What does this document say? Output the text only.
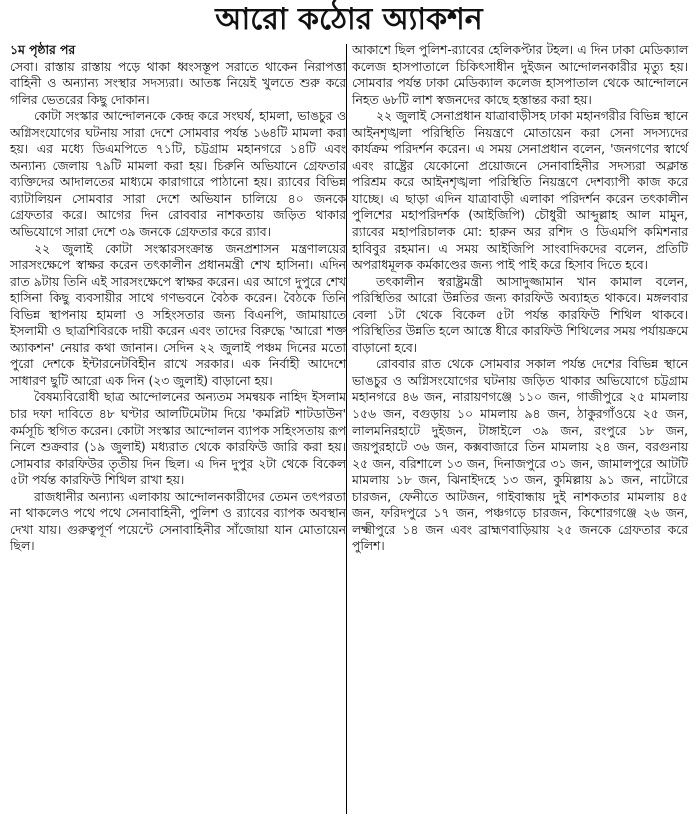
আরো কঠোর অ্যাকশন
১ম পৃষ্ঠার পর

সেবা। রাস্তায় রাস্তায় পড়ে থাকা ধ্বংসস্তূপ সরাতে থাকেন নিরাপত্তা বাহিনী ও অন্যান্য সংস্থার সদস্যরা। আতঙ্ক নিয়েই খুলতে শুরু করে গলির ভেতরের কিছু দোকান।

কোটা সংস্কার আন্দোলনকে কেন্দ্র করে সংঘর্ষ, হামলা, ভাঙচুর ও অগ্নিসংযোগের ঘটনায় সারা দেশে সোমবার পর্যন্ত ১৬৪টি মামলা করা হয়। এর মধ্যে ডিএমপিতে ৭১টি, চট্টগ্রাম মহানগরে ১৪টি এবং অন্যান্য জেলায় ৭৯টি মামলা করা হয়। চিরুনি অভিযানে গ্রেফতার ব্যক্তিদের আদালতের মাধ্যমে কারাগারে পাঠানো হয়। র‌্যাবের বিভিন্ন ব্যাটালিয়ন সোমবার সারা দেশে অভিযান চালিয়ে ৪০ জনকে গ্রেফতার করে। আগের দিন রোববার নাশকতায় জড়িত থাকার অভিযোগে সারা দেশে ৩৯ জনকে গ্রেফতার করে র‌্যাব।

২২ জুলাই কোটা সংস্কারসংক্রান্ত জনপ্রশাসন মন্ত্রণালয়ের সারসংক্ষেপে স্বাক্ষর করেন তৎকালীন প্রধানমন্ত্রী শেখ হাসিনা। এদিন রাত ৯টায় তিনি এই সারসংক্ষেপে স্বাক্ষর করেন। এর আগে দুপুরে শেখ হাসিনা কিছু ব্যবসায়ীর সাথে গণভবনে বৈঠক করেন। বৈঠকে তিনি বিভিন্ন স্থাপনায় হামলা ও সহিংসতার জন্য বিএনপি, জামায়াতে ইসলামী ও ছাত্রশিবিরকে দায়ী করেন এবং তাদের বিরুদ্ধে 'আরো শক্ত অ্যাকশন' নেয়ার কথা জানান। সেদিন ২২ জুলাই পঞ্চম দিনের মতো পুরো দেশকে ইন্টারনেটবিহীন রাখে সরকার। এক নির্বাহী আদেশে সাধারণ ছুটি আরো এক দিন (২৩ জুলাই) বাড়ানো হয়।

বৈষম্যবিরোধী ছাত্র আন্দোলনের অন্যতম সমন্বয়ক নাহিদ ইসলাম চার দফা দাবিতে ৪৮ ঘণ্টার আলটিমেটাম দিয়ে 'কমপ্লিট শাটডাউন' কর্মসূচি স্থগিত করেন। কোটা সংস্কার আন্দোলন ব্যাপক সহিংসতায় রূপ নিলে শুক্রবার (১৯ জুলাই) মধ্যরাত থেকে কারফিউ জারি করা হয়। সোমবার কারফিউর তৃতীয় দিন ছিল। এ দিন দুপুর ২টা থেকে বিকেল ৫টা পর্যন্ত কারফিউ শিথিল রাখা হয়।

রাজধানীর অন্যান্য এলাকায় আন্দোলনকারীদের তেমন তৎপরতা না থাকলেও পথে পথে সেনাবাহিনী, পুলিশ ও র‌্যাবের ব্যাপক অবস্থান দেখা যায়। গুরুত্বপূর্ণ পয়েন্টে সেনাবাহিনীর সাঁজোয়া যান মোতায়েন ছিল।

আকাশে ছিল পুলিশ-র‌্যাবের হেলিকপ্টার টহল। এ দিন ঢাকা মেডিক্যাল কলেজ হাসপাতালে চিকিৎসাধীন দুইজন আন্দোলনকারীর মৃত্যু হয়। সোমবার পর্যন্ত ঢাকা মেডিক্যাল কলেজ হাসপাতাল থেকে আন্দোলনে নিহত ৬৮টি লাশ স্বজনদের কাছে হস্তান্তর করা হয়।

২২ জুলাই সেনাপ্রধান যাত্রাবাড়ীসহ ঢাকা মহানগরীর বিভিন্ন স্থানে আইনশৃঙ্খলা পরিস্থিতি নিয়ন্ত্রণে মোতায়েন করা সেনা সদস্যদের কার্যক্রম পরিদর্শন করেন। এ সময় সেনাপ্রধান বলেন, 'জনগণের স্বার্থে এবং রাষ্ট্রের যেকোনো প্রয়োজনে সেনাবাহিনীর সদস্যরা অক্লান্ত পরিশ্রম করে আইনশৃঙ্খলা পরিস্থিতি নিয়ন্ত্রণে দেশব্যাপী কাজ করে যাচ্ছে। এ ছাড়া এদিন যাত্রাবাড়ী এলাকা পরিদর্শন করেন তৎকালীন পুলিশের মহাপরিদর্শক (আইজিপি) চৌধুরী আব্দুল্লাহ আল মামুন, র‌্যাবের মহাপরিচালক মো: হারুন অর রশিদ ও ডিএমপি কমিশনার হাবিবুর রহমান। এ সময় আইজিপি সাংবাদিকদের বলেন, প্রতিটি অপরাধমূলক কর্মকাণ্ডের জন্য পাই পাই করে হিসাব দিতে হবে।

তৎকালীন স্বরাষ্ট্রমন্ত্রী আসাদুজ্জামান খান কামাল বলেন, পরিস্থিতির আরো উন্নতির জন্য কারফিউ অব্যাহত থাকবে। মঙ্গলবার বেলা ১টা থেকে বিকেল ৫টা পর্যন্ত কারফিউ শিথিল থাকবে। পরিস্থিতির উন্নতি হলে আস্তে ধীরে কারফিউ শিথিলের সময় পর্যায়ক্রমে বাড়ানো হবে।

রোববার রাত থেকে সোমবার সকাল পর্যন্ত দেশের বিভিন্ন স্থানে ভাঙচুর ও অগ্নিসংযোগের ঘটনায় জড়িত থাকার অভিযোগে চট্টগ্রাম মহানগরে ৪৬ জন, নারায়ণগঞ্জে ১১০ জন, গাজীপুরে ২৫ মামলায় ১৫৬ জন, বগুড়ায় ১০ মামলায় ৯৪ জন, ঠাকুরগাঁওয়ে ২৫ জন, লালমনিরহাটে দুইজন, টাঙ্গাইলে ৩৯ জন, রংপুরে ১৮ জন, জয়পুরহাটে ৩৬ জন, কক্সবাজারে তিন মামলায় ২৪ জন, বরগুনায় ২৫ জন, বরিশালে ১৩ জন, দিনাজপুরে ৩১ জন, জামালপুরে আটটি মামলায় ১৮ জন, ঝিনাইদহে ১৩ জন, কুমিল্লায় ৯১ জন, নাটোরে চারজন, ফেনীতে আটজন, গাইবান্ধায় দুই নাশকতার মামলায় ৪৫ জন, ফরিদপুরে ১৭ জন, পঞ্চগড়ে চারজন, কিশোরগঞ্জে ২৬ জন, লক্ষ্মীপুরে ১৪ জন এবং ব্রাহ্মণবাড়িয়ায় ২৫ জনকে গ্রেফতার করে পুলিশ।
